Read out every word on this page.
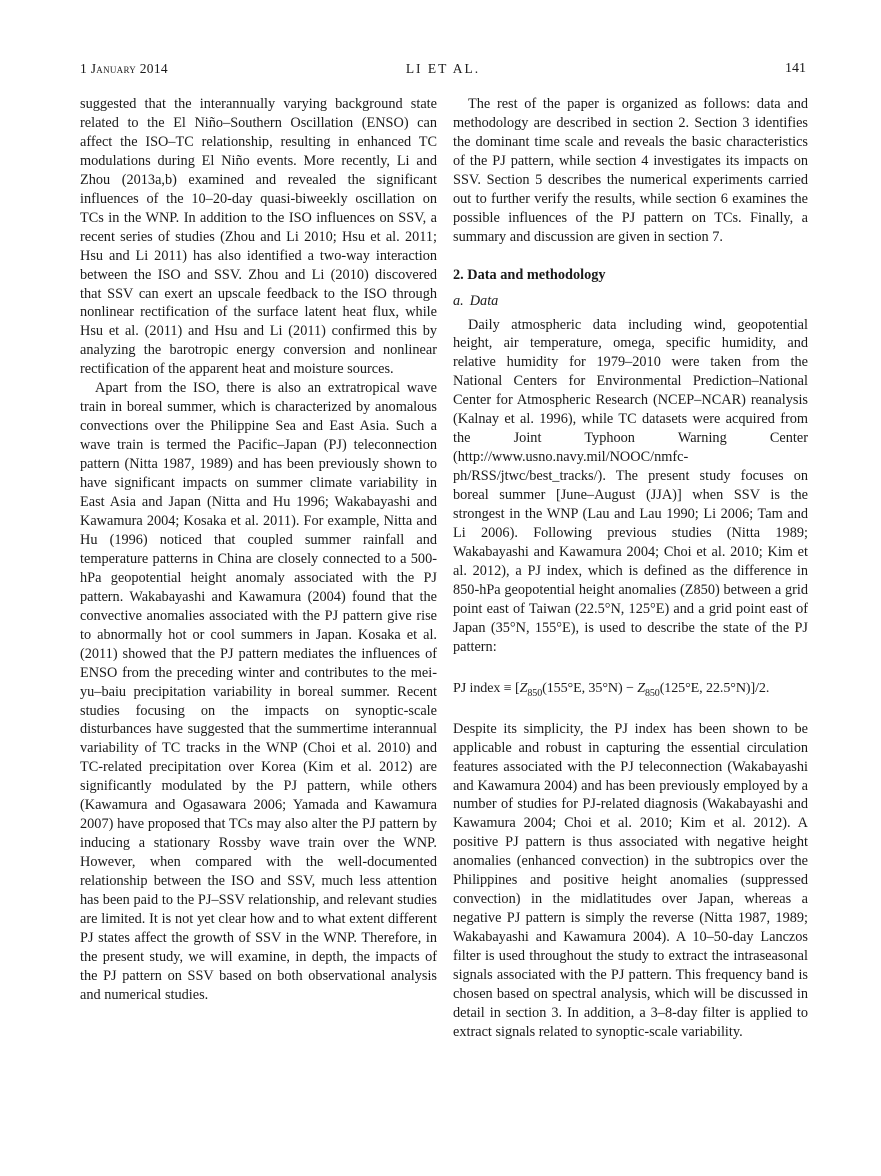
1 January 2014	LI ET AL.	141

suggested that the interannually varying background state related to the El Niño–Southern Oscillation (ENSO) can affect the ISO–TC relationship, resulting in enhanced TC modulations during El Niño events. More recently, Li and Zhou (2013a,b) examined and revealed the significant influences of the 10–20-day quasi-biweekly oscillation on TCs in the WNP. In addition to the ISO influences on SSV, a recent series of studies (Zhou and Li 2010; Hsu et al. 2011; Hsu and Li 2011) has also identified a two-way interaction between the ISO and SSV. Zhou and Li (2010) discovered that SSV can exert an upscale feedback to the ISO through nonlinear rectification of the surface latent heat flux, while Hsu et al. (2011) and Hsu and Li (2011) confirmed this by analyzing the barotropic energy conversion and nonlinear rectification of the apparent heat and moisture sources.

Apart from the ISO, there is also an extratropical wave train in boreal summer, which is characterized by anomalous convections over the Philippine Sea and East Asia. Such a wave train is termed the Pacific–Japan (PJ) teleconnection pattern (Nitta 1987, 1989) and has been previously shown to have significant impacts on summer climate variability in East Asia and Japan (Nitta and Hu 1996; Wakabayashi and Kawamura 2004; Kosaka et al. 2011). For example, Nitta and Hu (1996) noticed that coupled summer rainfall and temperature patterns in China are closely connected to a 500-hPa geopotential height anomaly associated with the PJ pattern. Wakabayashi and Kawamura (2004) found that the convective anomalies associated with the PJ pattern give rise to abnormally hot or cool summers in Japan. Kosaka et al. (2011) showed that the PJ pattern mediates the influences of ENSO from the preceding winter and contributes to the mei-yu–baiu precipitation variability in boreal summer. Recent studies focusing on the impacts on synoptic-scale disturbances have suggested that the summertime interannual variability of TC tracks in the WNP (Choi et al. 2010) and TC-related precipitation over Korea (Kim et al. 2012) are significantly modulated by the PJ pattern, while others (Kawamura and Ogasawara 2006; Yamada and Kawamura 2007) have proposed that TCs may also alter the PJ pattern by inducing a stationary Rossby wave train over the WNP. However, when compared with the well-documented relationship between the ISO and SSV, much less attention has been paid to the PJ–SSV relationship, and relevant studies are limited. It is not yet clear how and to what extent different PJ states affect the growth of SSV in the WNP. Therefore, in the present study, we will examine, in depth, the impacts of the PJ pattern on SSV based on both observational analysis and numerical studies.

The rest of the paper is organized as follows: data and methodology are described in section 2. Section 3 identifies the dominant time scale and reveals the basic characteristics of the PJ pattern, while section 4 investigates its impacts on SSV. Section 5 describes the numerical experiments carried out to further verify the results, while section 6 examines the possible influences of the PJ pattern on TCs. Finally, a summary and discussion are given in section 7.

2. Data and methodology
a. Data

Daily atmospheric data including wind, geopotential height, air temperature, omega, specific humidity, and relative humidity for 1979–2010 were taken from the National Centers for Environmental Prediction–National Center for Atmospheric Research (NCEP–NCAR) reanalysis (Kalnay et al. 1996), while TC datasets were acquired from the Joint Typhoon Warning Center (http://www.usno.navy.mil/NOOC/nmfc-ph/RSS/jtwc/best_tracks/). The present study focuses on boreal summer [June–August (JJA)] when SSV is the strongest in the WNP (Lau and Lau 1990; Li 2006; Tam and Li 2006). Following previous studies (Nitta 1989; Wakabayashi and Kawamura 2004; Choi et al. 2010; Kim et al. 2012), a PJ index, which is defined as the difference in 850-hPa geopotential height anomalies (Z850) between a grid point east of Taiwan (22.5°N, 125°E) and a grid point east of Japan (35°N, 155°E), is used to describe the state of the PJ pattern:

PJ index ≡ [$Z_{850}(155^\circ E$, $35^\circ N) - Z_{850}(125^\circ E$, 22.5°N)]/2.

Despite its simplicity, the PJ index has been shown to be applicable and robust in capturing the essential circulation features associated with the PJ teleconnection (Wakabayashi and Kawamura 2004) and has been previously employed by a number of studies for PJ-related diagnosis (Wakabayashi and Kawamura 2004; Choi et al. 2010; Kim et al. 2012). A positive PJ pattern is thus associated with negative height anomalies (enhanced convection) in the subtropics over the Philippines and positive height anomalies (suppressed convection) in the midlatitudes over Japan, whereas a negative PJ pattern is simply the reverse (Nitta 1987, 1989; Wakabayashi and Kawamura 2004). A 10–50-day Lanczos filter is used throughout the study to extract the intraseasonal signals associated with the PJ pattern. This frequency band is chosen based on spectral analysis, which will be discussed in detail in section 3. In addition, a 3–8-day filter is applied to extract signals related to synoptic-scale variability.
